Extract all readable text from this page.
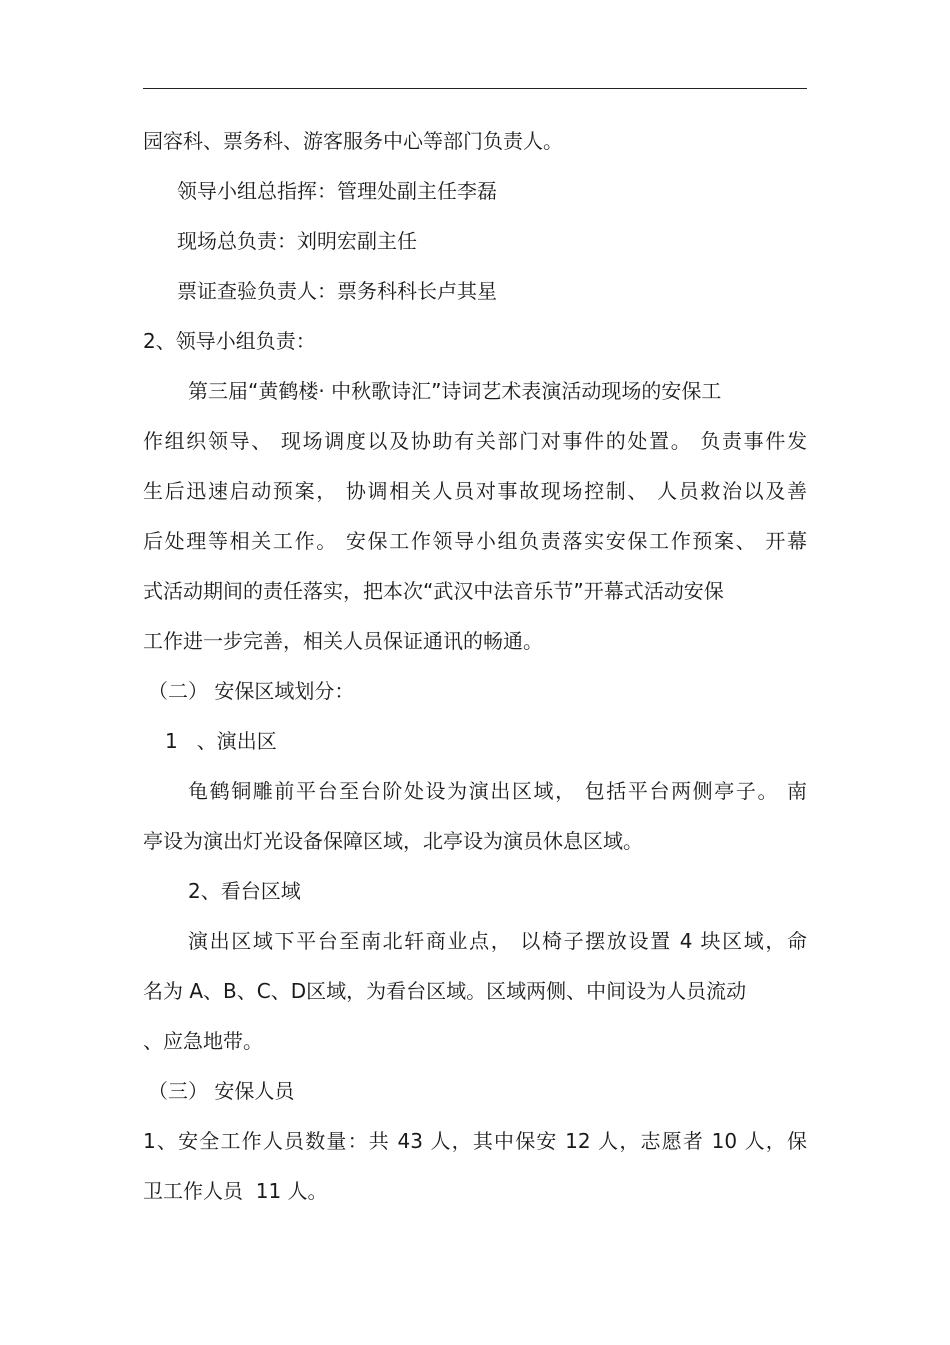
园容科、票务科、游客服务中心等部门负责人。
领导小组总指挥：管理处副主任李磊
现场总负责：刘明宏副主任
票证查验负责人：票务科科长卢其星
2、领导小组负责：
第三届“黄鹤楼· 中秋歌诗汇”诗词艺术表演活动现场的安保工
作组织领导、 现场调度以及协助有关部门对事件的处置。 负责事件发
生后迅速启动预案， 协调相关人员对事故现场控制、 人员救治以及善
后处理等相关工作。 安保工作领导小组负责落实安保工作预案、 开幕
式活动期间的责任落实，把本次“武汉中法音乐节”开幕式活动安保
工作进一步完善，相关人员保证通讯的畅通。
（二） 安保区域划分：
1   、演出区
龟鹤铜雕前平台至台阶处设为演出区域， 包括平台两侧亭子。 南
亭设为演出灯光设备保障区域，北亭设为演员休息区域。
2、看台区域
演出区域下平台至南北轩商业点， 以椅子摆放设置 4 块区域，命
名为 A、B、C、D区域，为看台区域。区域两侧、中间设为人员流动
、应急地带。
（三） 安保人员
1、安全工作人员数量：共 43 人，其中保安 12 人，志愿者 10 人，保
卫工作人员  11 人。
